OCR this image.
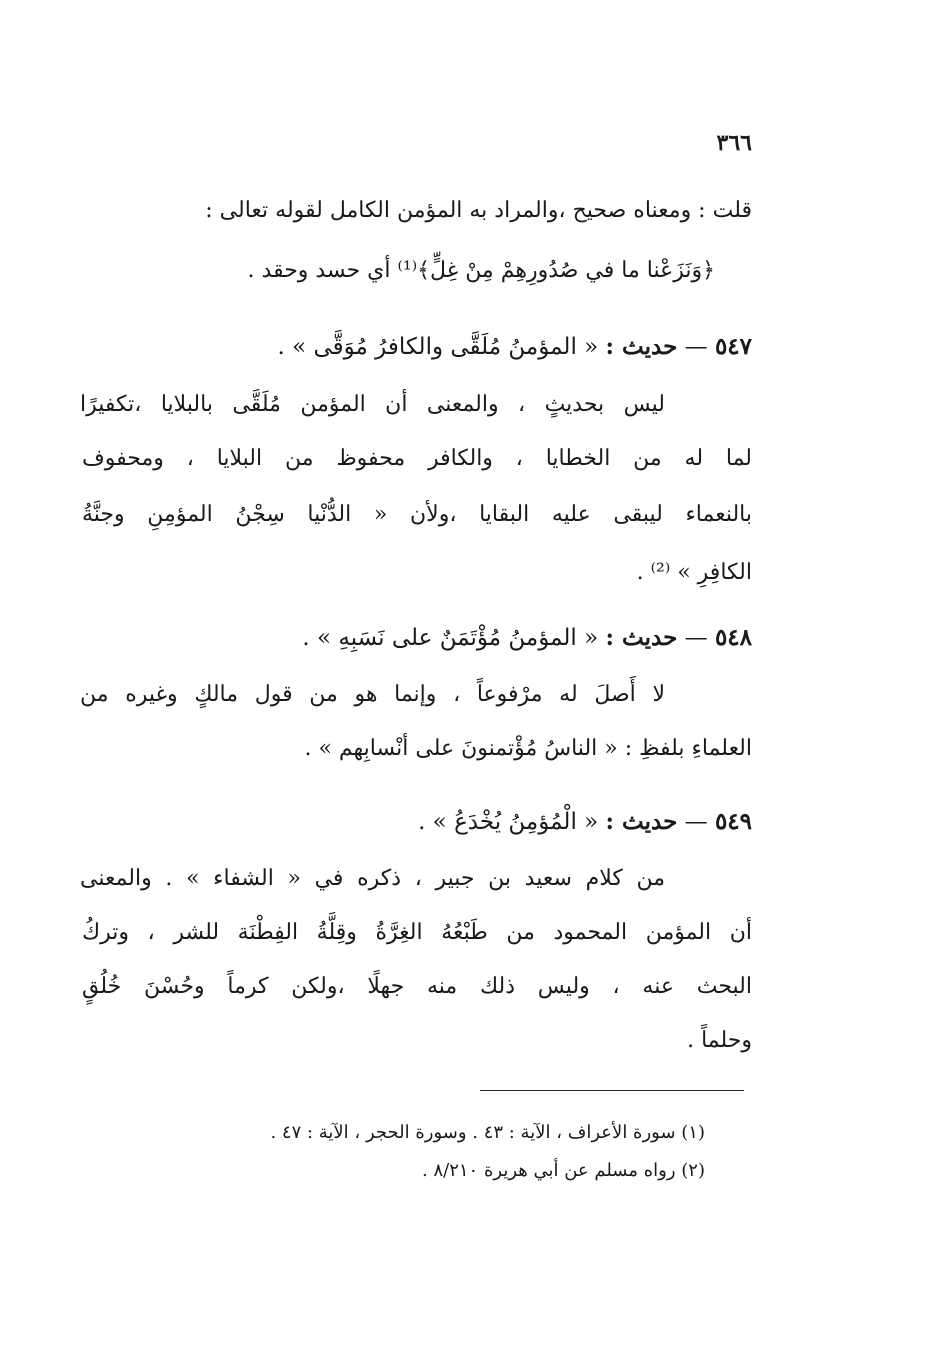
٣٦٦
قلت : ومعناه صحيح ،والمراد به المؤمن الكامل لقوله تعالى :
﴿وَنَزَعْنا ما في صُدُورِهِمْ مِنْ غِلٍّ﴾⁽¹⁾ أي حسد وحقد .
٥٤٧ — حديث : « المؤمنُ مُلَقَّى والكافرُ مُوَقَّى » .
ليس بحديثٍ ، والمعنى أن المؤمن مُلَقَّى بالبلايا ،تكفيرًا
لما له من الخطايا ، والكافر محفوظ من البلايا ، ومحفوف
بالنعماء ليبقى عليه البقايا ،ولأن « الدُّنْيا سِجْنُ المؤمِنِ وجنَّةُ
الكافِرِ » ⁽²⁾ .
٥٤٨ — حديث : « المؤمنُ مُؤْتَمَنٌ على نَسَبِهِ » .
لا أَصلَ له مرْفوعاً ، وإنما هو من قول مالكٍ وغيره من
العلماءِ بلفظِ : « الناسُ مُؤْتمنونَ على أنْسابِهم » .
٥٤٩ — حديث : « الْمُؤمِنُ يُخْدَعُ » .
من كلام سعيد بن جبير ، ذكره في « الشفاء » . والمعنى
أن المؤمن المحمود من طَبْعُهُ الغِرَّةُ وقِلَّةُ الفِطْنَة للشر ، وتركُ
البحث عنه ، وليس ذلك منه جهلًا ،ولكن كرماً وحُسْنَ خُلُقٍ
وحلماً .
(١) سورة الأعراف ، الآية : ٤٣ . وسورة الحجر ، الآية : ٤٧ .
(٢) رواه مسلم عن أبي هريرة ٨/٢١٠ .
